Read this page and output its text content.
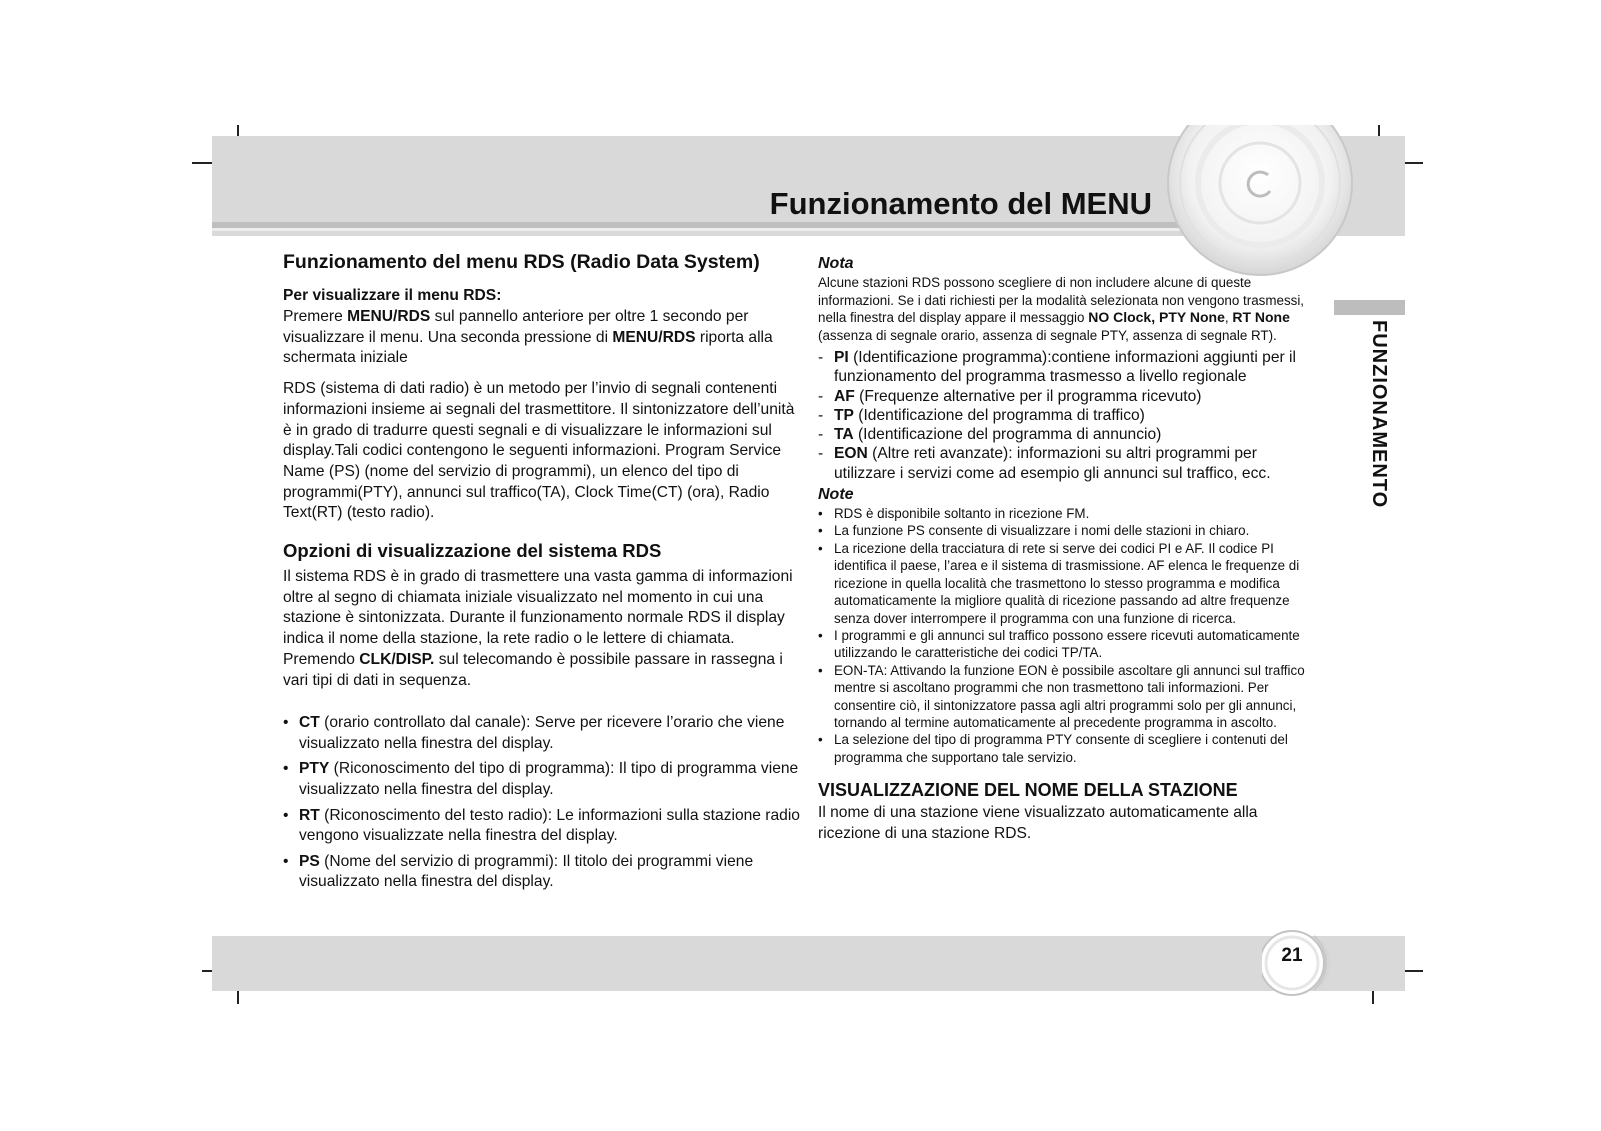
Funzionamento del MENU
FUNZIONAMENTO
Funzionamento del menu RDS (Radio Data System)

Per visualizzare il menu RDS:

Premere MENU/RDS sul pannello anteriore per oltre 1 secondo per visualizzare il menu. Una seconda pressione di MENU/RDS riporta alla schermata iniziale

RDS (sistema di dati radio) è un metodo per l’invio di segnali contenenti informazioni insieme ai segnali del trasmettitore. Il sintonizzatore dell’unità è in grado di tradurre questi segnali e di visualizzare le informazioni sul display.Tali codici contengono le seguenti informazioni. Program Service Name (PS) (nome del servizio di programmi), un elenco del tipo di programmi(PTY), annunci sul traffico(TA), Clock Time(CT) (ora), Radio Text(RT) (testo radio).

Opzioni di visualizzazione del sistema RDS

Il sistema RDS è in grado di trasmettere una vasta gamma di informazioni oltre al segno di chiamata iniziale visualizzato nel momento in cui una stazione è sintonizzata. Durante il funzionamento normale RDS il display indica il nome della stazione, la rete radio o le lettere di chiamata. Premendo CLK/DISP. sul telecomando è possibile passare in rassegna i vari tipi di dati in sequenza.

• CT (orario controllato dal canale): Serve per ricevere l’orario che viene visualizzato nella finestra del display.
• PTY (Riconoscimento del tipo di programma): Il tipo di programma viene visualizzato nella finestra del display.
• RT (Riconoscimento del testo radio): Le informazioni sulla stazione radio vengono visualizzate nella finestra del display.
• PS (Nome del servizio di programmi): Il titolo dei programmi viene visualizzato nella finestra del display.

Nota

Alcune stazioni RDS possono scegliere di non includere alcune di queste informazioni. Se i dati richiesti per la modalità selezionata non vengono trasmessi, nella finestra del display appare il messaggio NO Clock, PTY None, RT None (assenza di segnale orario, assenza di segnale PTY, assenza di segnale RT).

- PI (Identificazione programma):contiene informazioni aggiunti per il funzionamento del programma trasmesso a livello regionale
- AF (Frequenze alternative per il programma ricevuto)
- TP (Identificazione del programma di traffico)
- TA (Identificazione del programma di annuncio)
- EON (Altre reti avanzate): informazioni su altri programmi per utilizzare i servizi come ad esempio gli annunci sul traffico, ecc.

Note

• RDS è disponibile soltanto in ricezione FM.
• La funzione PS consente di visualizzare i nomi delle stazioni in chiaro.
• La ricezione della tracciatura di rete si serve dei codici PI e AF. Il codice PI identifica il paese, l’area e il sistema di trasmissione. AF elenca le frequenze di ricezione in quella località che trasmettono lo stesso programma e modifica automaticamente la migliore qualità di ricezione passando ad altre frequenze senza dover interrompere il programma con una funzione di ricerca.
• I programmi e gli annunci sul traffico possono essere ricevuti automaticamente utilizzando le caratteristiche dei codici TP/TA.
• EON-TA: Attivando la funzione EON è possibile ascoltare gli annunci sul traffico mentre si ascoltano programmi che non trasmettono tali informazioni. Per consentire ciò, il sintonizzatore passa agli altri programmi solo per gli annunci, tornando al termine automaticamente al precedente programma in ascolto.
• La selezione del tipo di programma PTY consente di scegliere i contenuti del programma che supportano tale servizio.
VISUALIZZAZIONE DEL NOME DELLA STAZIONE

Il nome di una stazione viene visualizzato automaticamente alla ricezione di una stazione RDS.

21
